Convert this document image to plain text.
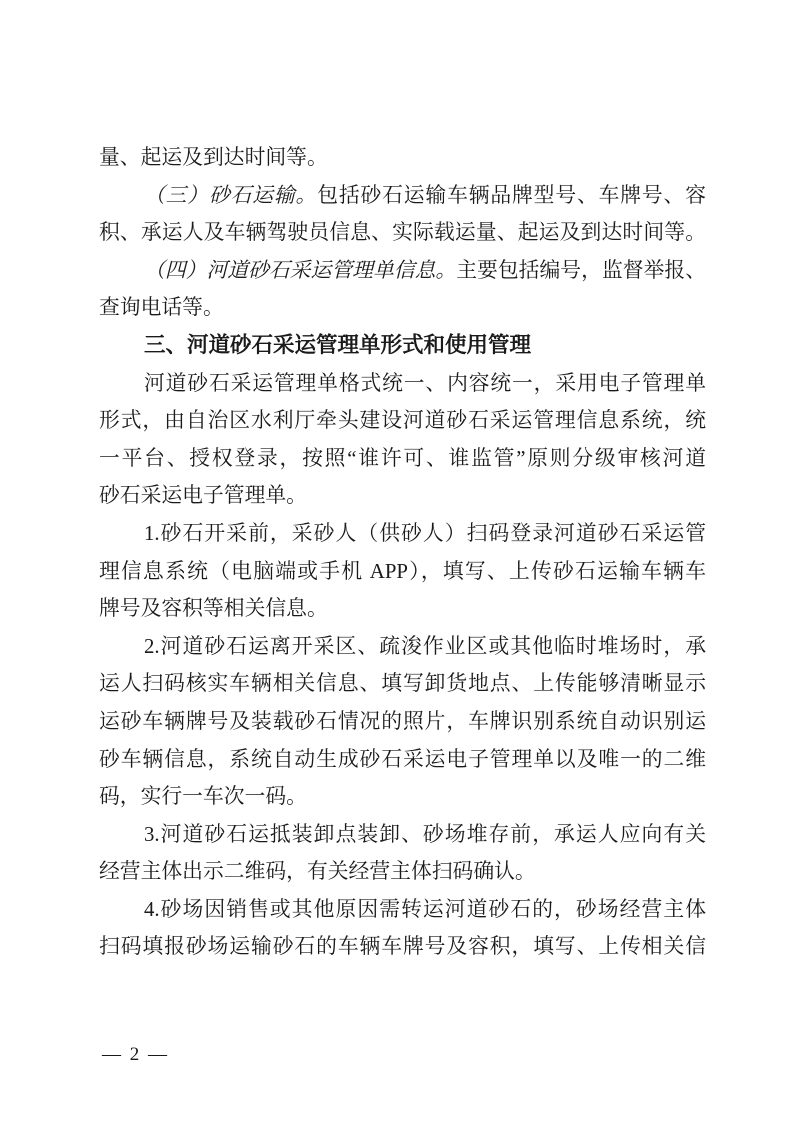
量、起运及到达时间等。
（三）砂石运输。包括砂石运输车辆品牌型号、车牌号、容
积、承运人及车辆驾驶员信息、实际载运量、起运及到达时间等。
（四）河道砂石采运管理单信息。主要包括编号，监督举报、
查询电话等。
三、河道砂石采运管理单形式和使用管理
河道砂石采运管理单格式统一、内容统一，采用电子管理单
形式，由自治区水利厅牵头建设河道砂石采运管理信息系统，统
一平台、授权登录，按照“谁许可、谁监管”原则分级审核河道
砂石采运电子管理单。
1.砂石开采前，采砂人（供砂人）扫码登录河道砂石采运管
理信息系统（电脑端或手机 APP），填写、上传砂石运输车辆车
牌号及容积等相关信息。
2.河道砂石运离开采区、疏浚作业区或其他临时堆场时，承
运人扫码核实车辆相关信息、填写卸货地点、上传能够清晰显示
运砂车辆牌号及装载砂石情况的照片，车牌识别系统自动识别运
砂车辆信息，系统自动生成砂石采运电子管理单以及唯一的二维
码，实行一车次一码。
3.河道砂石运抵装卸点装卸、砂场堆存前，承运人应向有关
经营主体出示二维码，有关经营主体扫码确认。
4.砂场因销售或其他原因需转运河道砂石的，砂场经营主体
扫码填报砂场运输砂石的车辆车牌号及容积，填写、上传相关信
— 2 —
